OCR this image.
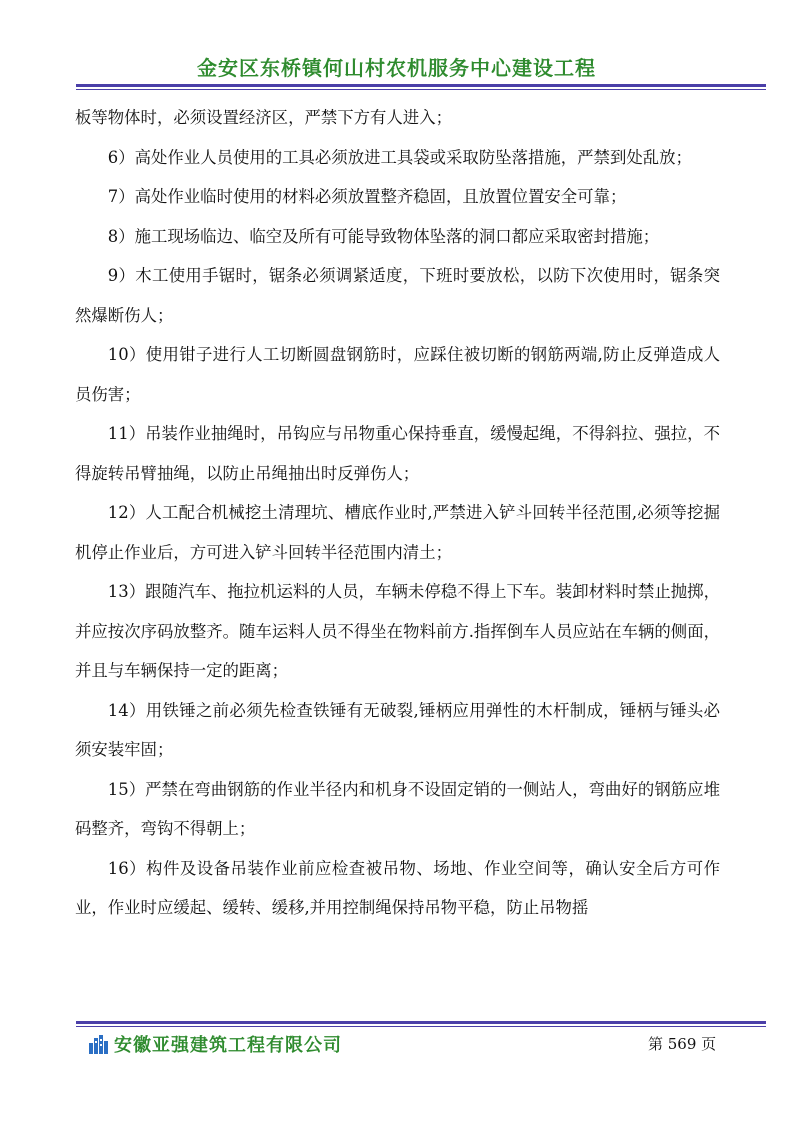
金安区东桥镇何山村农机服务中心建设工程

板等物体时，必须设置经济区，严禁下方有人进入；

6）高处作业人员使用的工具必须放进工具袋或采取防坠落措施，严禁到处乱放；

7）高处作业临时使用的材料必须放置整齐稳固，且放置位置安全可靠；

8）施工现场临边、临空及所有可能导致物体坠落的洞口都应采取密封措施；

9）木工使用手锯时，锯条必须调紧适度，下班时要放松，以防下次使用时，锯条突然爆断伤人；

10）使用钳子进行人工切断圆盘钢筋时，应踩住被切断的钢筋两端,防止反弹造成人员伤害；

11）吊装作业抽绳时，吊钩应与吊物重心保持垂直，缓慢起绳，不得斜拉、强拉，不得旋转吊臂抽绳，以防止吊绳抽出时反弹伤人；

12）人工配合机械挖土清理坑、槽底作业时,严禁进入铲斗回转半径范围,必须等挖掘机停止作业后，方可进入铲斗回转半径范围内清土；

13）跟随汽车、拖拉机运料的人员，车辆未停稳不得上下车。装卸材料时禁止抛掷，并应按次序码放整齐。随车运料人员不得坐在物料前方.指挥倒车人员应站在车辆的侧面，并且与车辆保持一定的距离；

14）用铁锤之前必须先检查铁锤有无破裂,锤柄应用弹性的木杆制成，锤柄与锤头必须安装牢固；

15）严禁在弯曲钢筋的作业半径内和机身不设固定销的一侧站人，弯曲好的钢筋应堆码整齐，弯钩不得朝上；

16）构件及设备吊装作业前应检查被吊物、场地、作业空间等，确认安全后方可作业，作业时应缓起、缓转、缓移,并用控制绳保持吊物平稳，防止吊物摇

安徽亚强建筑工程有限公司	第 569 页
